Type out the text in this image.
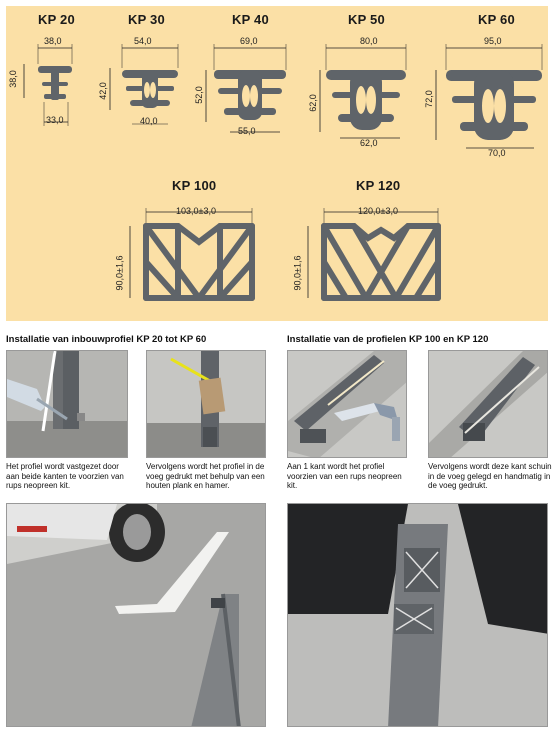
KP 20
38,0
33,0
38,0
KP 30
54,0
40,0
42,0
KP 40
69,0
55,0
52,0
KP 50
80,0
62,0
62,0
KP 60
95,0
70,0
72,0
KP 100
103,0±3,0
90,0±1,6
KP 120
120,0±3,0
90,0±1,6
Installatie van inbouwprofiel KP 20 tot KP 60	Installatie van de profielen KP 100 en KP 120
Het profiel wordt vastgezet door aan beide kanten te voorzien van rups neopreen kit.
Vervolgens wordt het profiel in de voeg gedrukt met behulp van een houten plank en hamer.
Aan 1 kant wordt het profiel voorzien van een rups neopreen kit.
Vervolgens wordt deze kant schuin in de voeg gelegd en handmatig in de voeg gedrukt.
